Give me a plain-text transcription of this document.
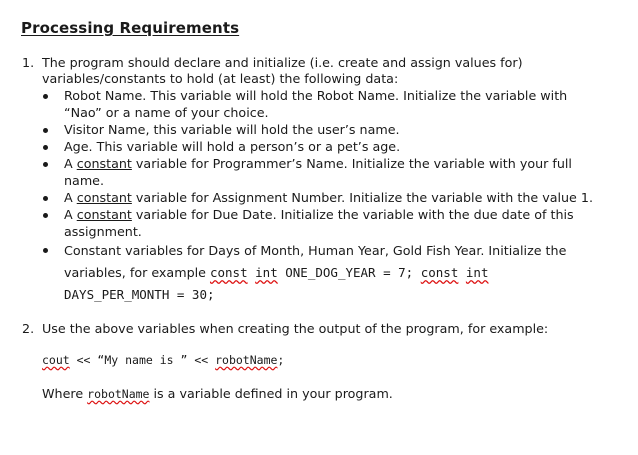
Processing Requirements
1. The program should declare and initialize (i.e. create and assign values for)
variables/constants to hold (at least) the following data:
Robot Name. This variable will hold the Robot Name. Initialize the variable with
“Nao” or a name of your choice.
Visitor Name, this variable will hold the user’s name.
Age. This variable will hold a person’s or a pet’s age.
A constant variable for Programmer’s Name. Initialize the variable with your full
name.
A constant variable for Assignment Number. Initialize the variable with the value 1.
A constant variable for Due Date. Initialize the variable with the due date of this
assignment.
Constant variables for Days of Month, Human Year, Gold Fish Year. Initialize the
variables, for example const int ONE_DOG_YEAR = 7; const int
DAYS_PER_MONTH = 30;
2. Use the above variables when creating the output of the program, for example:
cout << “My name is ” << robotName;
Where robotName is a variable defined in your program.
